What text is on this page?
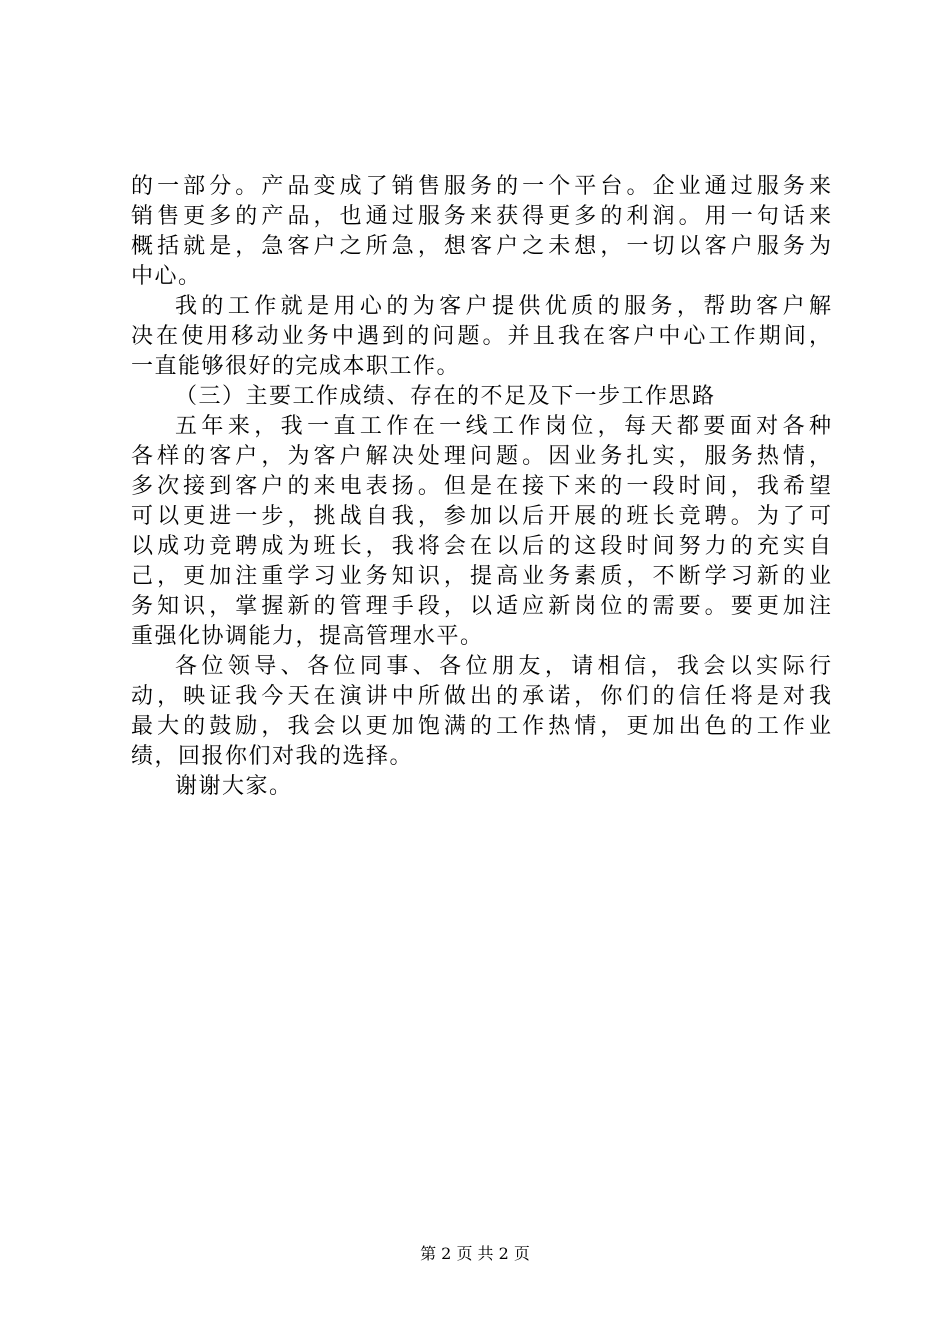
的一部分。产品变成了销售服务的一个平台。企业通过服务来
销售更多的产品，也通过服务来获得更多的利润。用一句话来
概括就是，急客户之所急，想客户之未想，一切以客户服务为
中心。
我的工作就是用心的为客户提供优质的服务，帮助客户解
决在使用移动业务中遇到的问题。并且我在客户中心工作期间，
一直能够很好的完成本职工作。
（三）主要工作成绩、存在的不足及下一步工作思路
五年来，我一直工作在一线工作岗位，每天都要面对各种
各样的客户，为客户解决处理问题。因业务扎实，服务热情，
多次接到客户的来电表扬。但是在接下来的一段时间，我希望
可以更进一步，挑战自我，参加以后开展的班长竞聘。为了可
以成功竞聘成为班长，我将会在以后的这段时间努力的充实自
己，更加注重学习业务知识，提高业务素质，不断学习新的业
务知识，掌握新的管理手段，以适应新岗位的需要。要更加注
重强化协调能力，提高管理水平。
各位领导、各位同事、各位朋友，请相信，我会以实际行
动，映证我今天在演讲中所做出的承诺，你们的信任将是对我
最大的鼓励，我会以更加饱满的工作热情，更加出色的工作业
绩，回报你们对我的选择。
谢谢大家。
第 2 页 共 2 页
